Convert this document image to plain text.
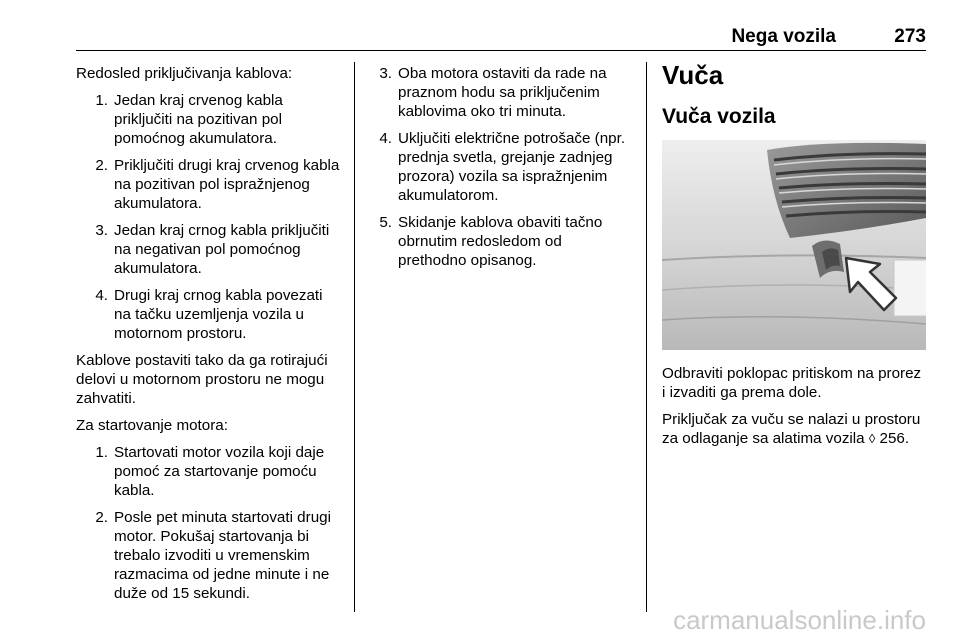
Nega vozila	273

Redosled priključivanja kablova:

1. Jedan kraj crvenog kabla priključiti na pozitivan pol pomoćnog akumulatora.
2. Priključiti drugi kraj crvenog kabla na pozitivan pol ispražnjenog akumulatora.
3. Jedan kraj crnog kabla priključiti na negativan pol pomoćnog akumulatora.
4. Drugi kraj crnog kabla povezati na tačku uzemljenja vozila u motornom prostoru.

Kablove postaviti tako da ga rotirajući delovi u motornom prostoru ne mogu zahvatiti.

Za startovanje motora:

1. Startovati motor vozila koji daje pomoć za startovanje pomoću kabla.
2. Posle pet minuta startovati drugi motor. Pokušaj startovanja bi trebalo izvoditi u vremenskim razmacima od jedne minute i ne duže od 15 sekundi.
3. Oba motora ostaviti da rade na praznom hodu sa priključenim kablovima oko tri minuta.
4. Uključiti električne potrošače (npr. prednja svetla, grejanje zadnjeg prozora) vozila sa ispražnjenim akumulatorom.
5. Skidanje kablova obaviti tačno obrnutim redosledom od prethodno opisanog.
Vuča
Vuča vozila

Odbraviti poklopac pritiskom na prorez i izvaditi ga prema dole.

Priključak za vuču se nalazi u prostoru za odlaganje sa alatima vozila ◊ 256.

carmanualsonline.info
